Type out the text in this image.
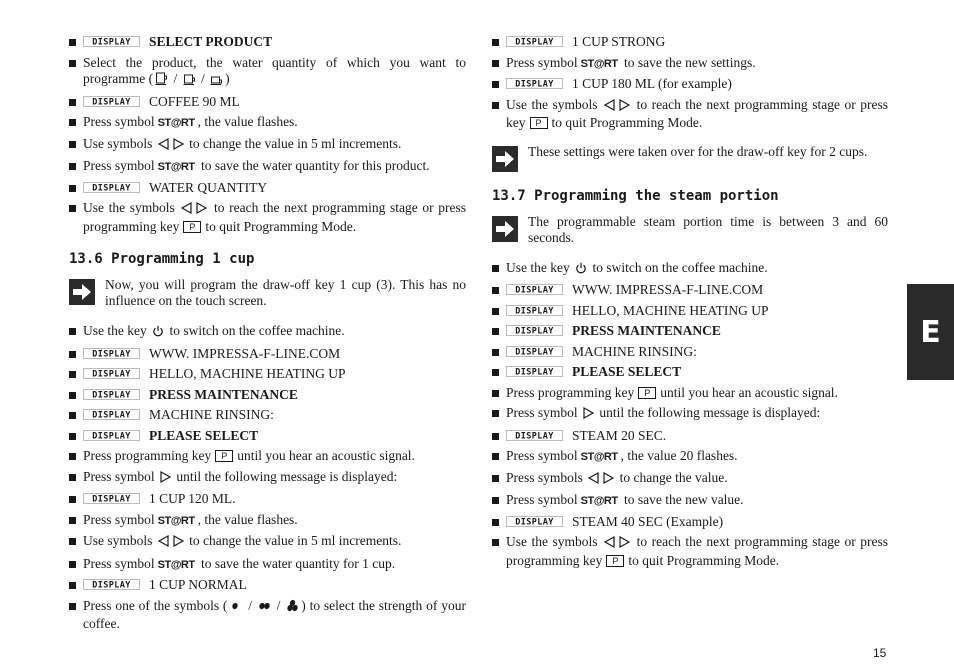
DISPLAY SELECT PRODUCT
Select the product, the water quantity of which you want to programme ( /  / )
DISPLAY COFFEE 90 ML
Press symbol ST@RT , the value flashes.
Use symbols	to change the value in 5 ml increments.
Press symbol ST@RT to save the water quantity for this product.
DISPLAY WATER QUANTITY
Use the symbols	to reach the next programming stage or press programming key P to quit Programming Mode.
13.6 Programming 1 cup
Now, you will program the draw-off key 1 cup (3). This has no influence on the touch screen.
Use the key to switch on the coffee machine.
DISPLAY WWW. IMPRESSA-F-LINE.COM
DISPLAY HELLO, MACHINE HEATING UP
DISPLAY PRESS MAINTENANCE
DISPLAY MACHINE RINSING:
DISPLAY PLEASE SELECT
Press programming key P until you hear an acoustic signal.
Press symbol until the following message is displayed:
DISPLAY 1 CUP 120 ML.
Press symbol ST@RT , the value flashes.
Use symbols	to change the value in 5 ml increments.
Press symbol ST@RT to save the water quantity for 1 cup.
DISPLAY 1 CUP NORMAL
Press one of the symbols ( /  / ) to select the strength of your coffee.
DISPLAY 1 CUP STRONG
Press symbol ST@RT to save the new settings.
DISPLAY 1 CUP 180 ML (for example)
Use the symbols	to reach the next programming stage or press key P to quit Programming Mode.
These settings were taken over for the draw-off key for 2 cups.
13.7 Programming the steam portion
The programmable steam portion time is between 3 and 60 seconds.
Use the key to switch on the coffee machine.
DISPLAY WWW. IMPRESSA-F-LINE.COM
DISPLAY HELLO, MACHINE HEATING UP
DISPLAY PRESS MAINTENANCE
DISPLAY MACHINE RINSING:
DISPLAY PLEASE SELECT
Press programming key P until you hear an acoustic signal.
Press symbol until the following message is displayed:
DISPLAY STEAM 20 SEC.
Press symbol ST@RT , the value 20 flashes.
Press symbols	to change the value.
Press symbol ST@RT to save the new value.
DISPLAY STEAM 40 SEC (Example)
Use the symbols	to reach the next programming stage or press programming key P to quit Programming Mode.
E
15
